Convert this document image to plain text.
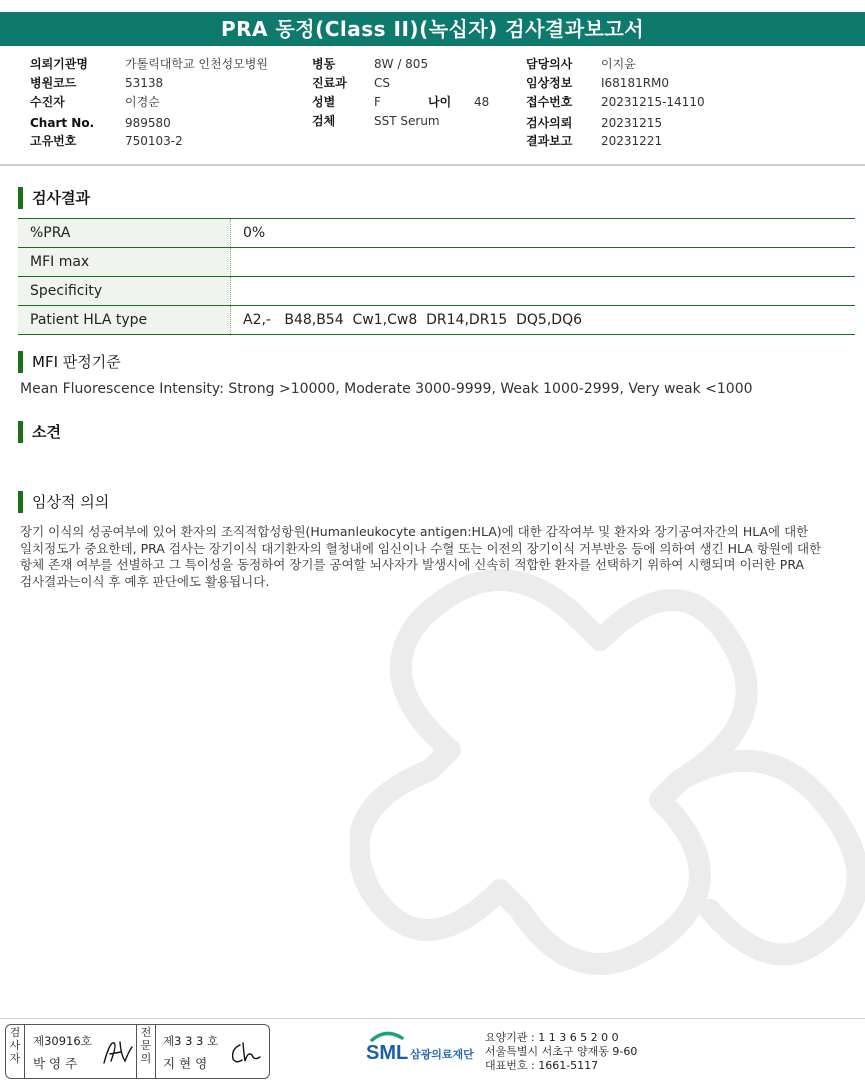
PRA 동정(Class II)(녹십자) 검사결과보고서
의뢰기관명	가톨릭대학교 인천성모병원
병원코드	53138
수진자	이경순
Chart No.	989580
고유번호	750103-2
병동	8W / 805
진료과 CS
성별	F	나이 48
검체	SST Serum
담당의사 이지윤
임상정보 I68181RM0
접수번호 20231215-14110
검사의뢰 20231215
결과보고 20231221
검사결과
%PRA	0%
MFI max	
Specificity	
Patient HLA type	A2,-   B48,B54  Cw1,Cw8  DR14,DR15  DQ5,DQ6
MFI 판정기준
Mean Fluorescence Intensity: Strong >10000, Moderate 3000-9999, Weak 1000-2999, Very weak <1000
소견
임상적 의의
장기 이식의 성공여부에 있어 환자의 조직적합성항원(Humanleukocyte antigen:HLA)에 대한 감작여부 및 환자와 장기공여자간의 HLA에 대한
일치정도가 중요한데, PRA 검사는 장기이식 대기환자의 혈청내에 임신이나 수혈 또는 이전의 장기이식 거부반응 등에 의하여 생긴 HLA 항원에 대한
항체 존재 여부를 선별하고 그 특이성을 동정하여 장기를 공여할 뇌사자가 발생시에 신속히 적합한 환자를 선택하기 위하여 시행되며 이러한 PRA
검사결과는이식 후 예후 판단에도 활용됩니다.
검사자
제30916호
박 영 주
전문의
제3 3 3 호
지 현 영	SML 삼광의료재단
요양기관 : 1 1 3 6 5 2 0 0
서울특별시 서초구 양재동 9-60
대표번호 : 1661-5117
